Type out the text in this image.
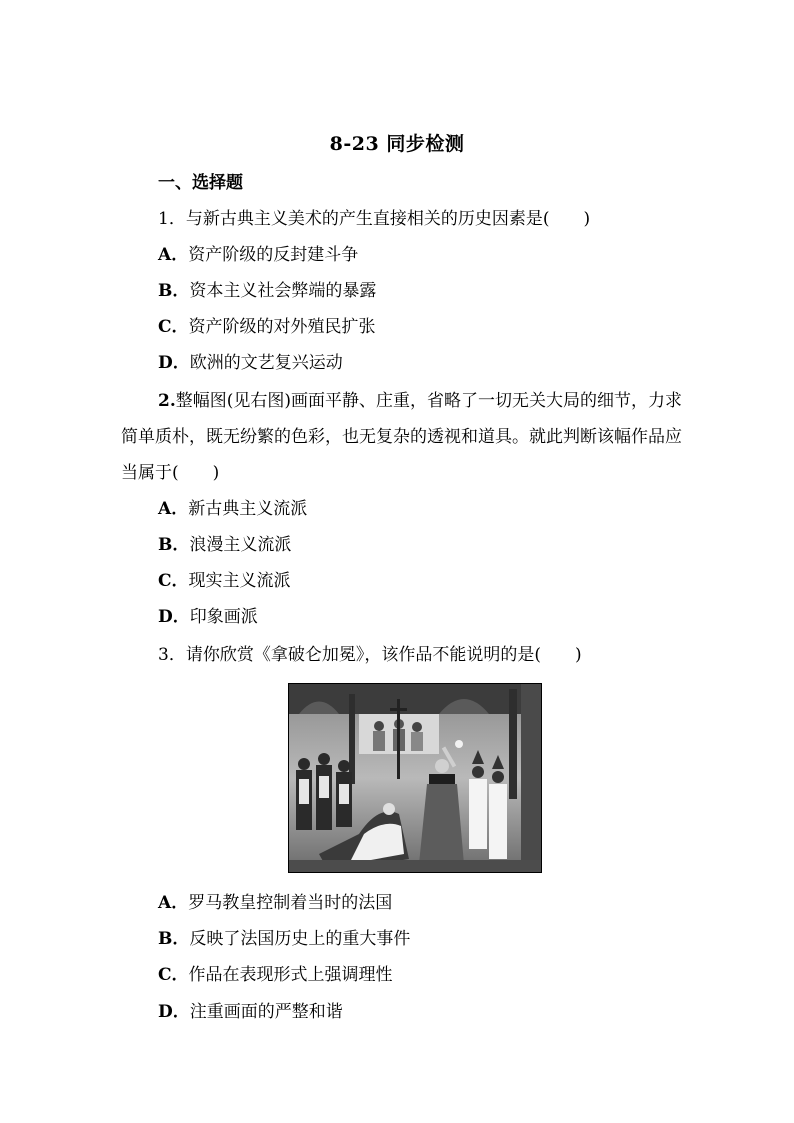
8-23 同步检测
一、选择题
1．与新古典主义美术的产生直接相关的历史因素是(　　)
A．资产阶级的反封建斗争
B．资本主义社会弊端的暴露
C．资产阶级的对外殖民扩张
D．欧洲的文艺复兴运动
2.整幅图(见右图)画面平静、庄重，省略了一切无关大局的细节，力求简单质朴，既无纷繁的色彩，也无复杂的透视和道具。就此判断该幅作品应当属于(　　)
A．新古典主义流派
B．浪漫主义流派
C．现实主义流派
D．印象画派
3．请你欣赏《拿破仑加冕》，该作品不能说明的是(　　)
A．罗马教皇控制着当时的法国
B．反映了法国历史上的重大事件
C．作品在表现形式上强调理性
D．注重画面的严整和谐
